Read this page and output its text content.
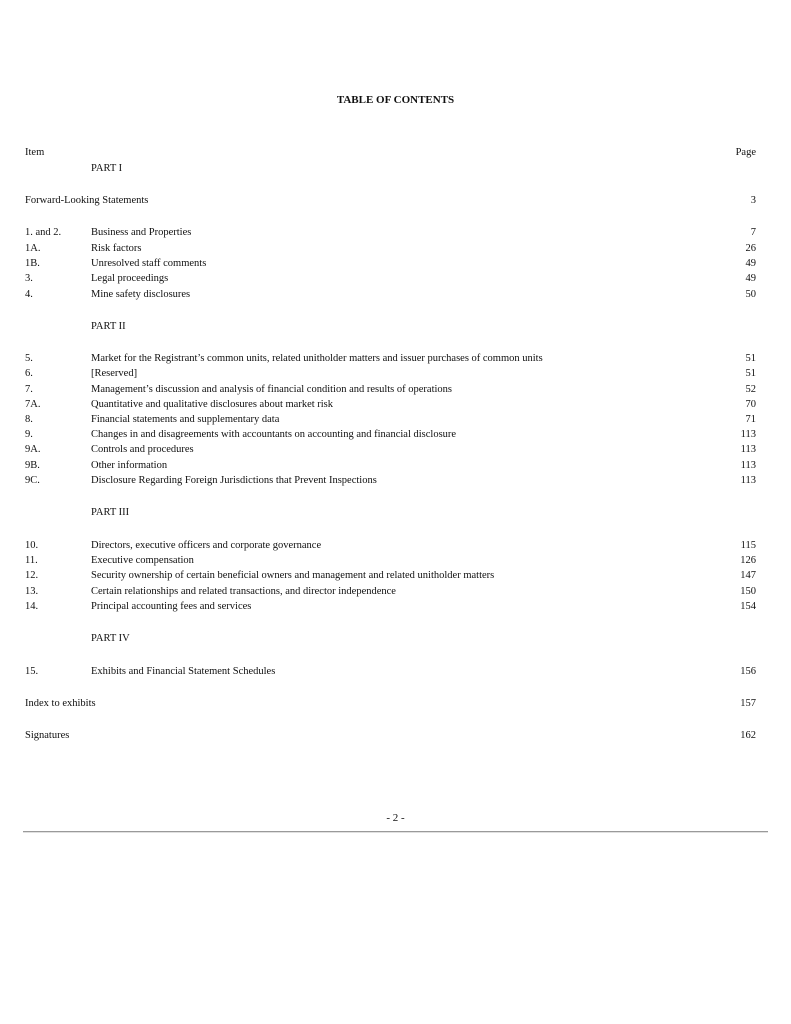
TABLE OF CONTENTS
Item	Page
PART I
Forward-Looking Statements	3
1. and 2.	Business and Properties	7
1A.	Risk factors	26
1B.	Unresolved staff comments	49
3.	Legal proceedings	49
4.	Mine safety disclosures	50
PART II
5.	Market for the Registrant’s common units, related unitholder matters and issuer purchases of common units	51
6.	[Reserved]	51
7.	Management’s discussion and analysis of financial condition and results of operations	52
7A.	Quantitative and qualitative disclosures about market risk	70
8.	Financial statements and supplementary data	71
9.	Changes in and disagreements with accountants on accounting and financial disclosure	113
9A.	Controls and procedures	113
9B.	Other information	113
9C.	Disclosure Regarding Foreign Jurisdictions that Prevent Inspections	113
PART III
10.	Directors, executive officers and corporate governance	115
11.	Executive compensation	126
12.	Security ownership of certain beneficial owners and management and related unitholder matters	147
13.	Certain relationships and related transactions, and director independence	150
14.	Principal accounting fees and services	154
PART IV
15.	Exhibits and Financial Statement Schedules	156
Index to exhibits	157
Signatures	162
- 2 -
